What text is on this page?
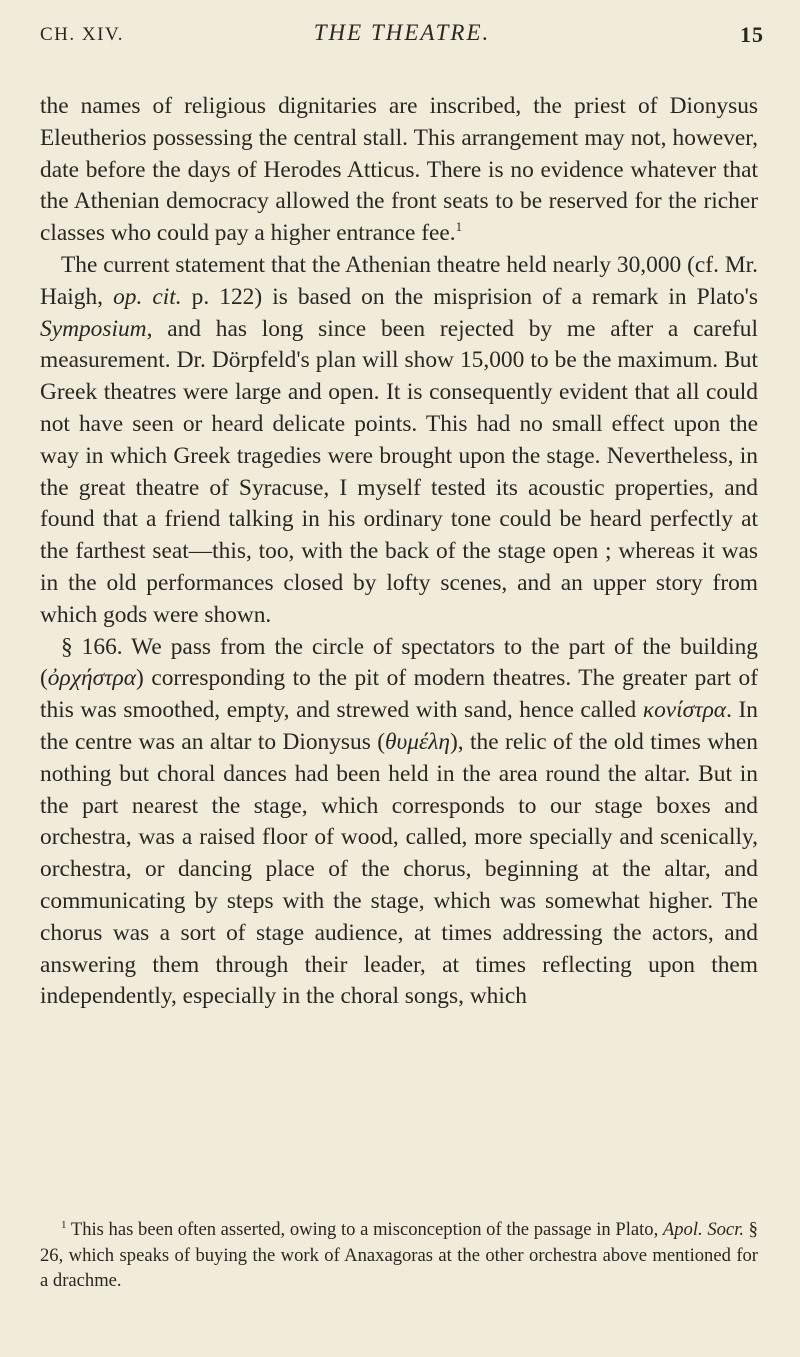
CH. XIV.	THE THEATRE.	15

the names of religious dignitaries are inscribed, the priest of Dionysus Eleutherios possessing the central stall. This arrangement may not, however, date before the days of Herodes Atticus. There is no evidence whatever that the Athenian democracy allowed the front seats to be reserved for the richer classes who could pay a higher entrance fee.$^1$

The current statement that the Athenian theatre held nearly 30,000 (cf. Mr. Haigh, op. cit. p. 122) is based on the misprision of a remark in Plato's Symposium, and has long since been rejected by me after a careful measurement. Dr. Dörpfeld's plan will show 15,000 to be the maximum. But Greek theatres were large and open. It is consequently evident that all could not have seen or heard delicate points. This had no small effect upon the way in which Greek tragedies were brought upon the stage. Nevertheless, in the great theatre of Syracuse, I myself tested its acoustic properties, and found that a friend talking in his ordinary tone could be heard perfectly at the farthest seat—this, too, with the back of the stage open ; whereas it was in the old performances closed by lofty scenes, and an upper story from which gods were shown.

§ 166. We pass from the circle of spectators to the part of the building (ὀρχήστρα) corresponding to the pit of modern theatres. The greater part of this was smoothed, empty, and strewed with sand, hence called κονίστρα. In the centre was an altar to Dionysus (θυμέλη), the relic of the old times when nothing but choral dances had been held in the area round the altar. But in the part nearest the stage, which corresponds to our stage boxes and orchestra, was a raised floor of wood, called, more specially and scenically, orchestra, or dancing place of the chorus, beginning at the altar, and communicating by steps with the stage, which was somewhat higher. The chorus was a sort of stage audience, at times addressing the actors, and answering them through their leader, at times reflecting upon them independently, especially in the choral songs, which

$^1$ This has been often asserted, owing to a misconception of the passage in Plato, Apol. Socr. § 26, which speaks of buying the work of Anaxagoras at the other orchestra above mentioned for a drachme.
